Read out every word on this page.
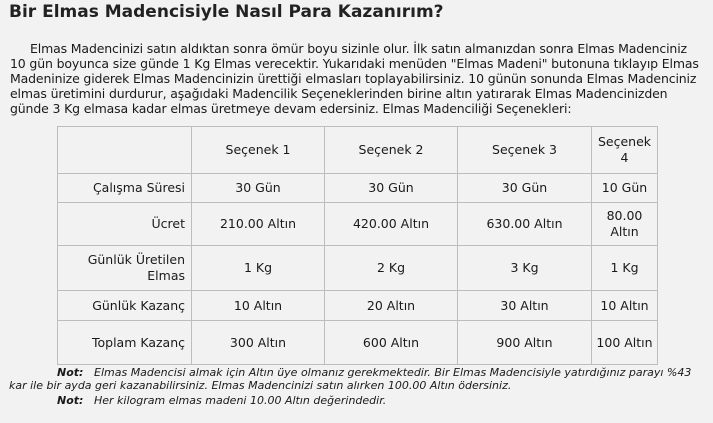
Bir Elmas Madencisiyle Nasıl Para Kazanırım?
Elmas Madencinizi satın aldıktan sonra ömür boyu sizinle olur. İlk satın almanızdan sonra Elmas Madenciniz 10 gün boyunca size günde 1 Kg Elmas verecektir. Yukarıdaki menüden "Elmas Madeni" butonuna tıklayıp Elmas Madeninize giderek Elmas Madencinizin ürettiği elmasları toplayabilirsiniz. 10 günün sonunda Elmas Madenciniz elmas üretimini durdurur, aşağıdaki Madencilik Seçeneklerinden birine altın yatırarak Elmas Madencinizden günde 3 Kg elmasa kadar elmas üretmeye devam edersiniz. Elmas Madenciliği Seçenekleri:
	Seçenek 1	Seçenek 2	Seçenek 3	Seçenek 4
Çalışma Süresi	30 Gün	30 Gün	30 Gün	10 Gün
Ücret	210.00 Altın	420.00 Altın	630.00 Altın	80.00 Altın
Günlük Üretilen Elmas	1 Kg	2 Kg	3 Kg	1 Kg
Günlük Kazanç	10 Altın	20 Altın	30 Altın	10 Altın
Toplam Kazanç	300 Altın	600 Altın	900 Altın	100 Altın
Not: Elmas Madencisi almak için Altın üye olmanız gerekmektedir. Bir Elmas Madencisiyle yatırdığınız parayı %43 kar ile bir ayda geri kazanabilirsiniz. Elmas Madencinizi satın alırken 100.00 Altın ödersiniz.
Not: Her kilogram elmas madeni 10.00 Altın değerindedir.
